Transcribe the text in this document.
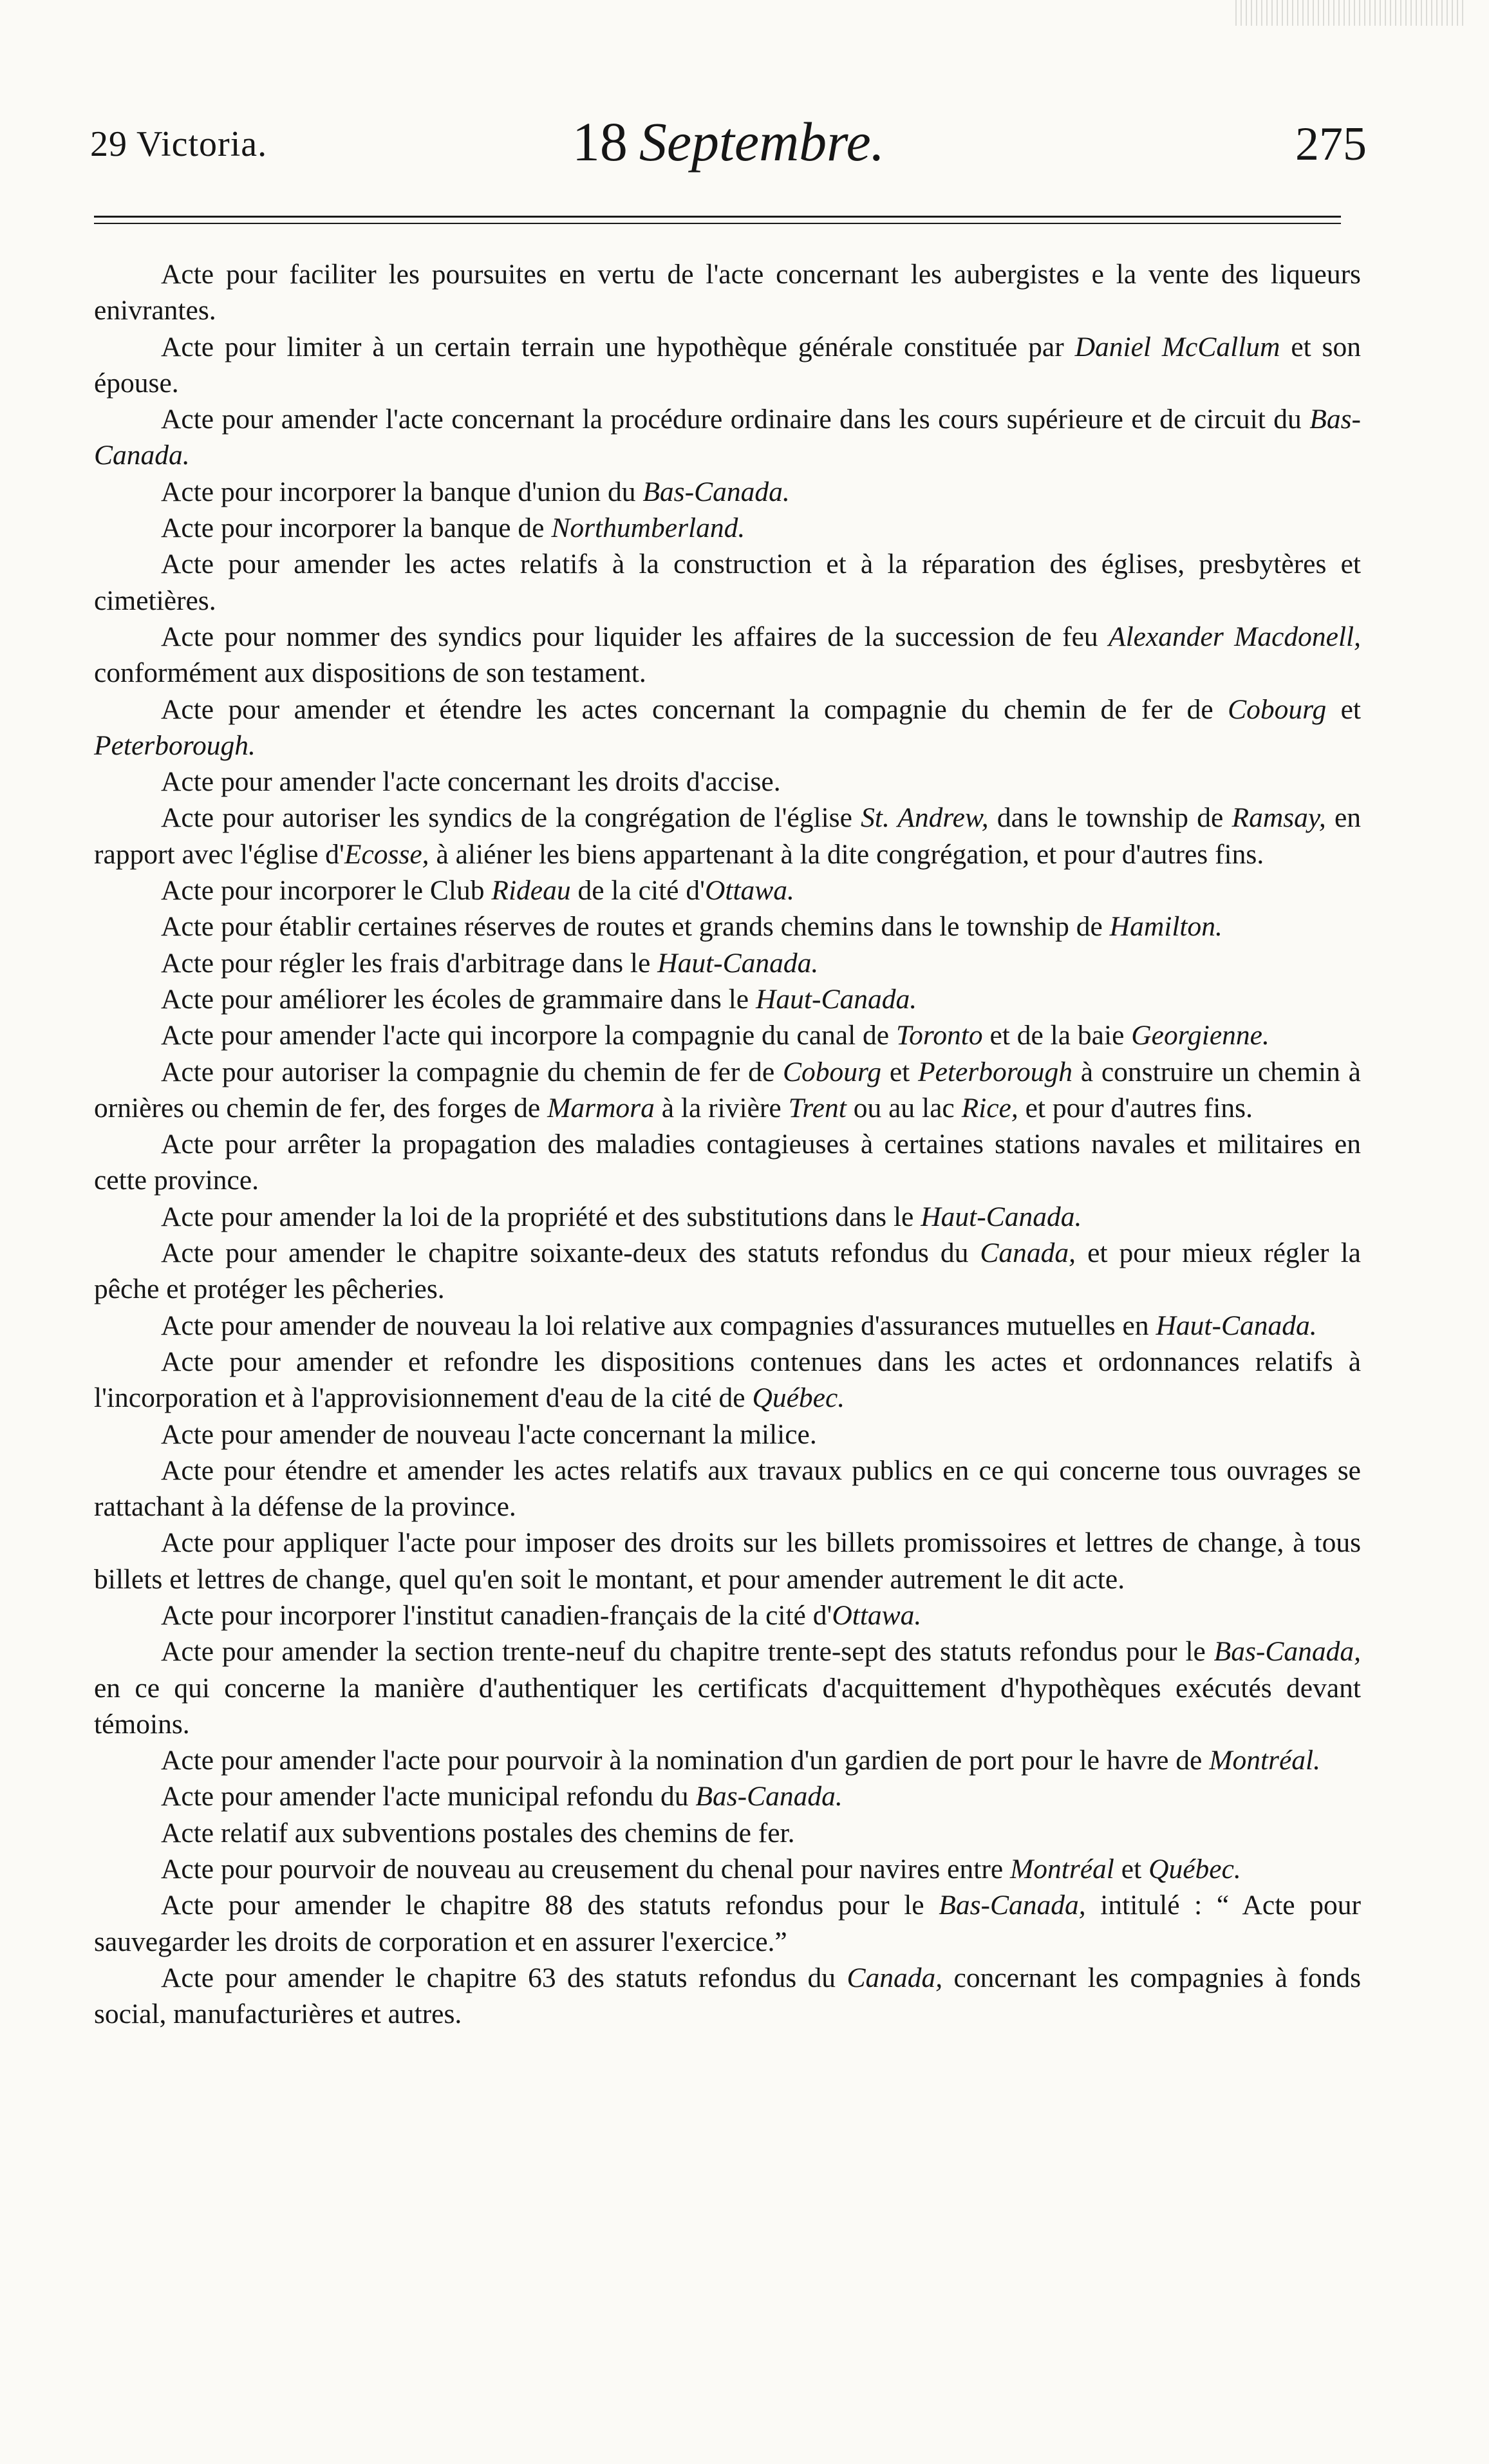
29 Victoria.	18 Septembre.	275

Acte pour faciliter les poursuites en vertu de l'acte concernant les aubergistes e la vente des liqueurs enivrantes.

Acte pour limiter à un certain terrain une hypothèque générale constituée par Daniel McCallum et son épouse.

Acte pour amender l'acte concernant la procédure ordinaire dans les cours supérieure et de circuit du Bas-Canada.

Acte pour incorporer la banque d'union du Bas-Canada.

Acte pour incorporer la banque de Northumberland.

Acte pour amender les actes relatifs à la construction et à la réparation des églises, presbytères et cimetières.

Acte pour nommer des syndics pour liquider les affaires de la succession de feu Alexander Macdonell, conformément aux dispositions de son testament.

Acte pour amender et étendre les actes concernant la compagnie du chemin de fer de Cobourg et Peterborough.

Acte pour amender l'acte concernant les droits d'accise.

Acte pour autoriser les syndics de la congrégation de l'église St. Andrew, dans le township de Ramsay, en rapport avec l'église d'Ecosse, à aliéner les biens appartenant à la dite congrégation, et pour d'autres fins.

Acte pour incorporer le Club Rideau de la cité d'Ottawa.

Acte pour établir certaines réserves de routes et grands chemins dans le township de Hamilton.

Acte pour régler les frais d'arbitrage dans le Haut-Canada.

Acte pour améliorer les écoles de grammaire dans le Haut-Canada.

Acte pour amender l'acte qui incorpore la compagnie du canal de Toronto et de la baie Georgienne.

Acte pour autoriser la compagnie du chemin de fer de Cobourg et Peterborough à construire un chemin à ornières ou chemin de fer, des forges de Marmora à la rivière Trent ou au lac Rice, et pour d'autres fins.

Acte pour arrêter la propagation des maladies contagieuses à certaines stations navales et militaires en cette province.

Acte pour amender la loi de la propriété et des substitutions dans le Haut-Canada.

Acte pour amender le chapitre soixante-deux des statuts refondus du Canada, et pour mieux régler la pêche et protéger les pêcheries.

Acte pour amender de nouveau la loi relative aux compagnies d'assurances mutuelles en Haut-Canada.

Acte pour amender et refondre les dispositions contenues dans les actes et ordonnances relatifs à l'incorporation et à l'approvisionnement d'eau de la cité de Québec.

Acte pour amender de nouveau l'acte concernant la milice.

Acte pour étendre et amender les actes relatifs aux travaux publics en ce qui concerne tous ouvrages se rattachant à la défense de la province.

Acte pour appliquer l'acte pour imposer des droits sur les billets promissoires et lettres de change, à tous billets et lettres de change, quel qu'en soit le montant, et pour amender autrement le dit acte.

Acte pour incorporer l'institut canadien-français de la cité d'Ottawa.

Acte pour amender la section trente-neuf du chapitre trente-sept des statuts refondus pour le Bas-Canada, en ce qui concerne la manière d'authentiquer les certificats d'acquittement d'hypothèques exécutés devant témoins.

Acte pour amender l'acte pour pourvoir à la nomination d'un gardien de port pour le havre de Montréal.

Acte pour amender l'acte municipal refondu du Bas-Canada.

Acte relatif aux subventions postales des chemins de fer.

Acte pour pourvoir de nouveau au creusement du chenal pour navires entre Montréal et Québec.

Acte pour amender le chapitre 88 des statuts refondus pour le Bas-Canada, intitulé : “ Acte pour sauvegarder les droits de corporation et en assurer l'exercice.”

Acte pour amender le chapitre 63 des statuts refondus du Canada, concernant les compagnies à fonds social, manufacturières et autres.
